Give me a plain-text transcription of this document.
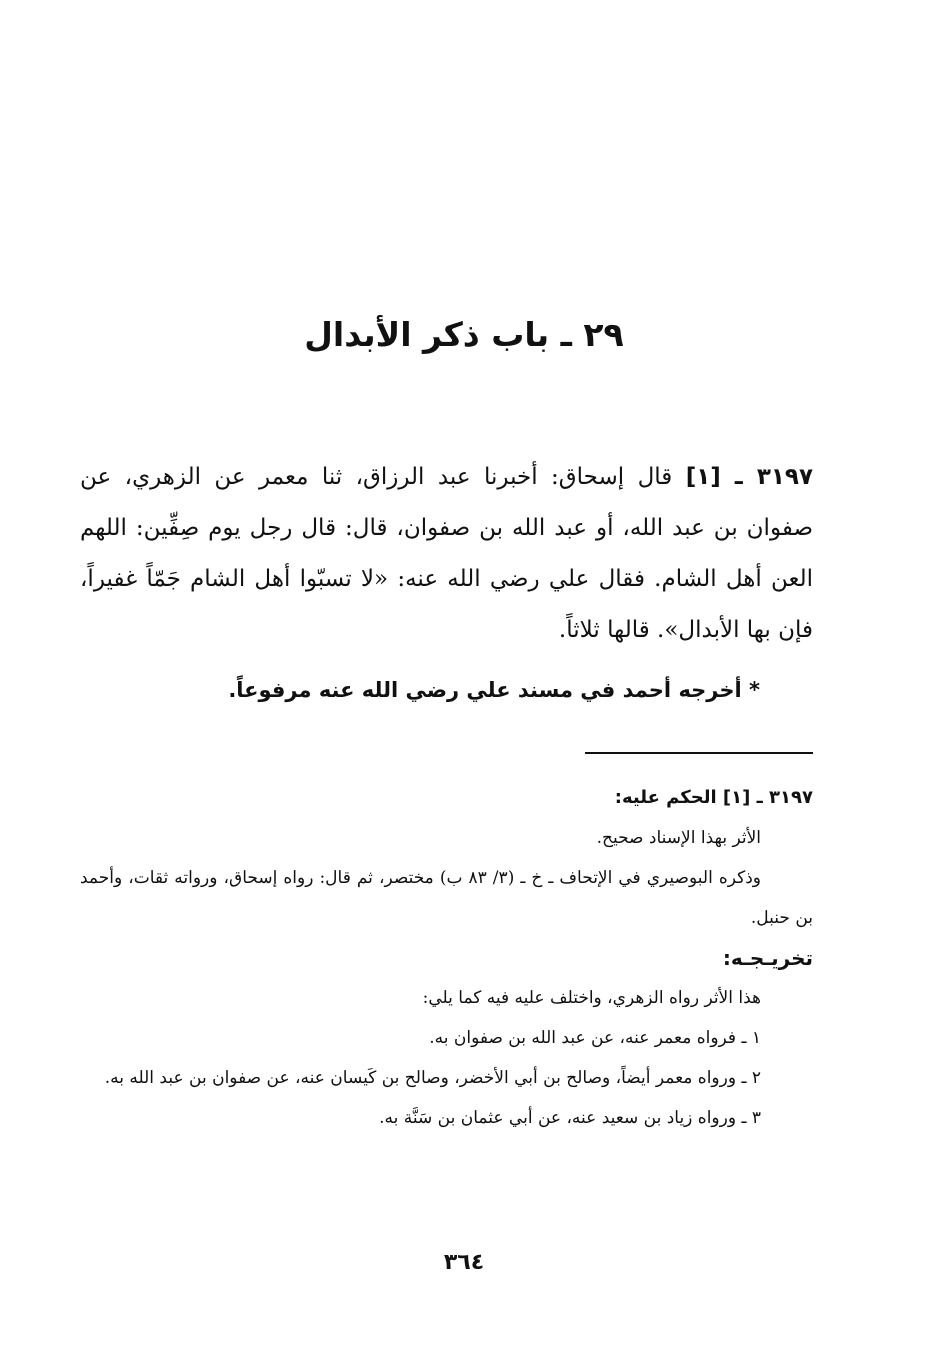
٢٩ ـ باب ذكر الأبدال
٣١٩٧ ـ [١] قال إسحاق: أخبرنا عبد الرزاق، ثنا معمر عن الزهري، عن صفوان بن عبد الله، أو عبد الله بن صفوان، قال: قال رجل يوم صِفِّين: اللهم العن أهل الشام. فقال علي رضي الله عنه: «لا تسبّوا أهل الشام جَمّاً غفيراً، فإن بها الأبدال». قالها ثلاثاً.
* أخرجه أحمد في مسند علي رضي الله عنه مرفوعاً.
٣١٩٧ ـ [١] الحكم عليه:
الأثر بهذا الإسناد صحيح.
وذكره البوصيري في الإتحاف ـ خ ـ (٣/ ٨٣ ب) مختصر، ثم قال: رواه إسحاق، ورواته ثقات، وأحمد بن حنبل.
تخريـجـه:
هذا الأثر رواه الزهري، واختلف عليه فيه كما يلي:
١ ـ فرواه معمر عنه، عن عبد الله بن صفوان به.
٢ ـ ورواه معمر أيضاً، وصالح بن أبي الأخضر، وصالح بن كَيسان عنه، عن صفوان بن عبد الله به.
٣ ـ ورواه زياد بن سعيد عنه، عن أبي عثمان بن سَنَّة به.
٣٦٤
